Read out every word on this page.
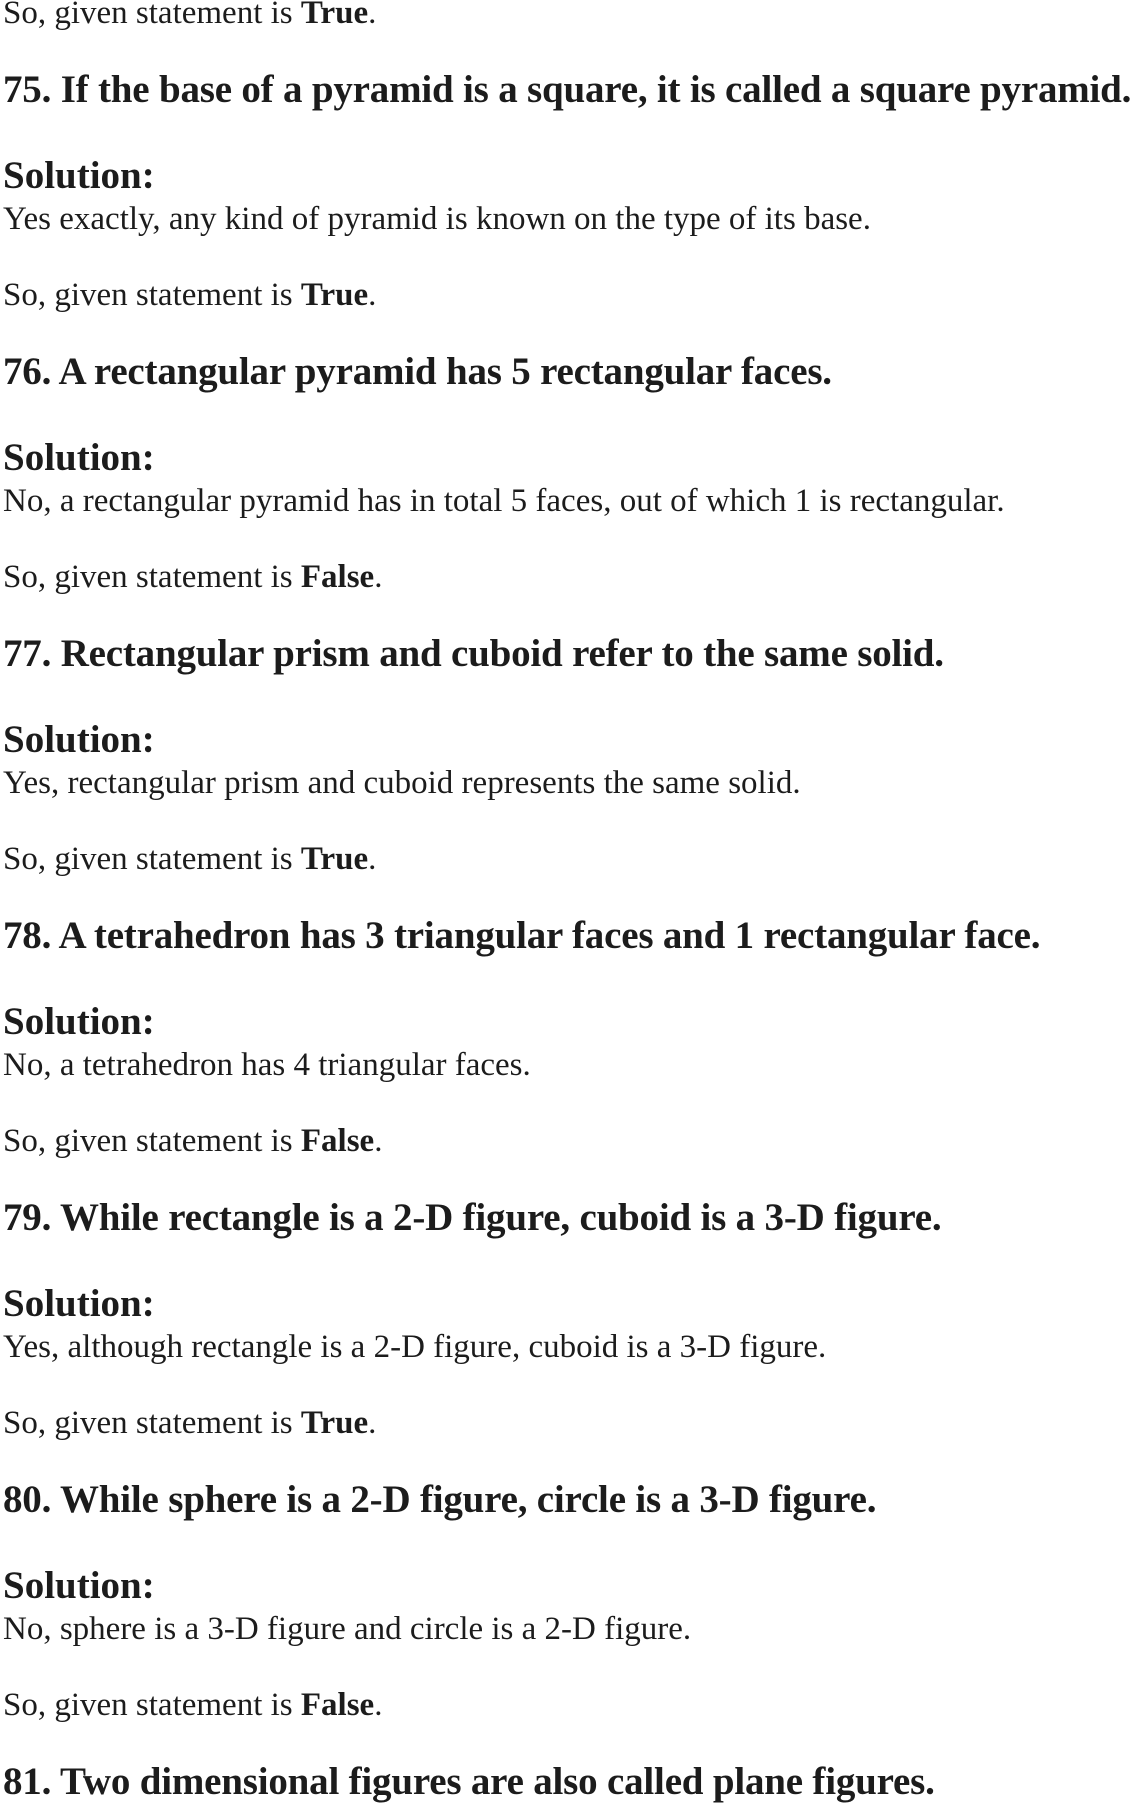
So, given statement is True.

75. If the base of a pyramid is a square, it is called a square pyramid.
Solution:

Yes exactly, any kind of pyramid is known on the type of its base.

So, given statement is True.

76. A rectangular pyramid has 5 rectangular faces.
Solution:

No, a rectangular pyramid has in total 5 faces, out of which 1 is rectangular.

So, given statement is False.

77. Rectangular prism and cuboid refer to the same solid.
Solution:

Yes, rectangular prism and cuboid represents the same solid.

So, given statement is True.

78. A tetrahedron has 3 triangular faces and 1 rectangular face.
Solution:

No, a tetrahedron has 4 triangular faces.

So, given statement is False.

79. While rectangle is a 2-D figure, cuboid is a 3-D figure.
Solution:

Yes, although rectangle is a 2-D figure, cuboid is a 3-D figure.

So, given statement is True.

80. While sphere is a 2-D figure, circle is a 3-D figure.
Solution:

No, sphere is a 3-D figure and circle is a 2-D figure.

So, given statement is False.

81. Two dimensional figures are also called plane figures.
